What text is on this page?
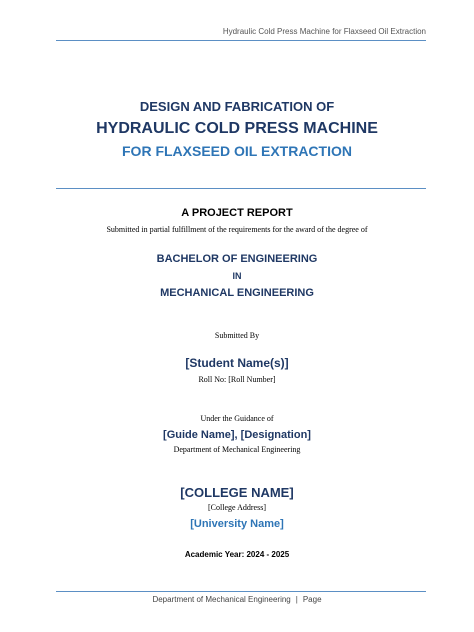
Hydraulic Cold Press Machine for Flaxseed Oil Extraction
DESIGN AND FABRICATION OF
HYDRAULIC COLD PRESS MACHINE
FOR FLAXSEED OIL EXTRACTION
A PROJECT REPORT
Submitted in partial fulfillment of the requirements for the award of the degree of
BACHELOR OF ENGINEERING
IN
MECHANICAL ENGINEERING
Submitted By
[Student Name(s)]
Roll No: [Roll Number]
Under the Guidance of
[Guide Name], [Designation]
Department of Mechanical Engineering
[COLLEGE NAME]
[College Address]
[University Name]
Academic Year: 2024 - 2025
Department of Mechanical Engineering | Page
